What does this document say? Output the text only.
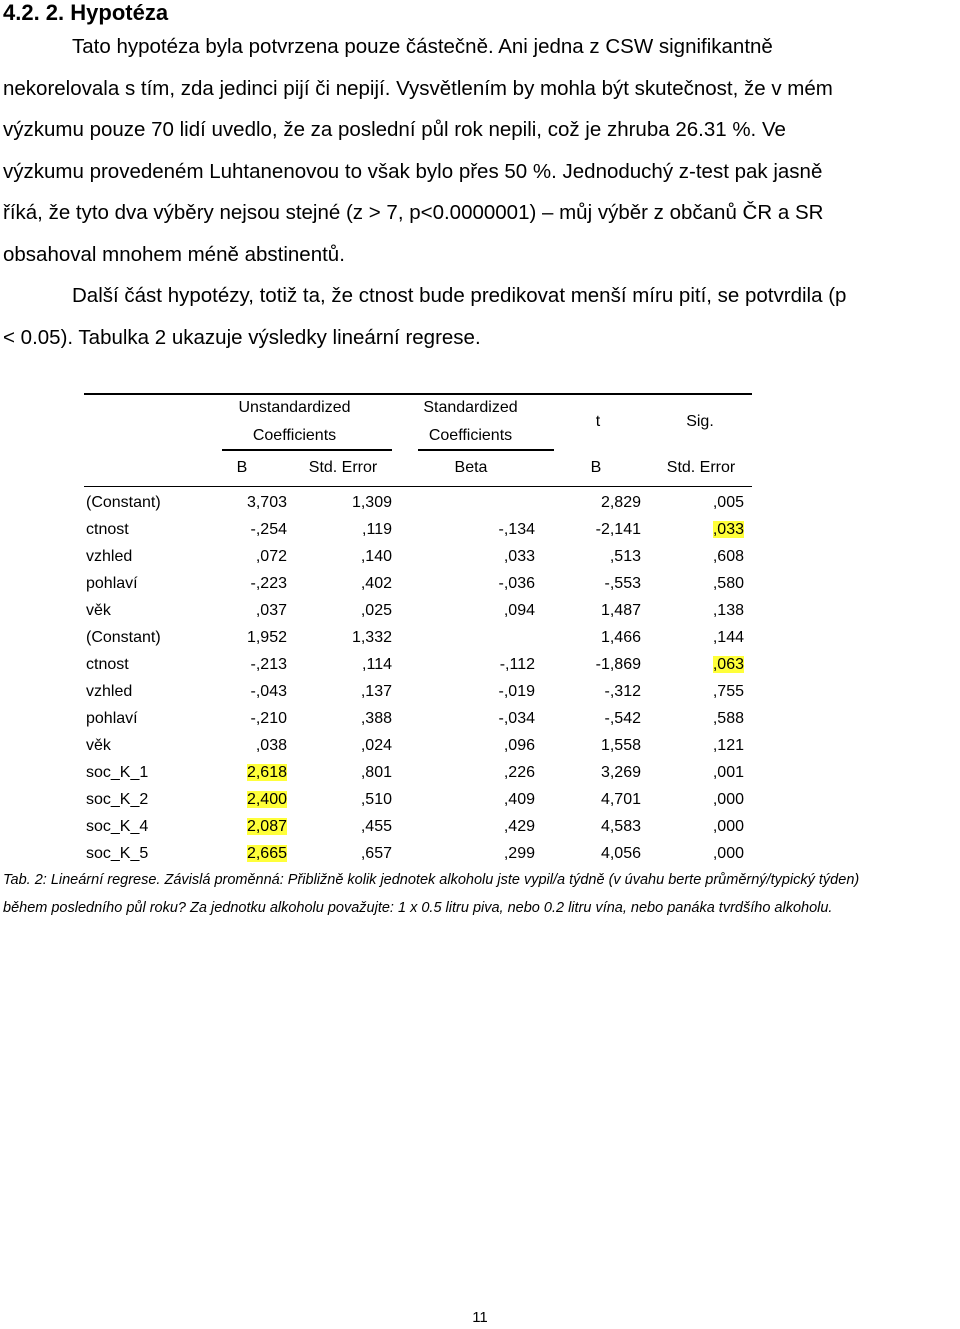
4.2. 2. Hypotéza
Tato hypotéza byla potvrzena pouze částečně. Ani jedna z CSW signifikantně
nekorelovala s tím, zda jedinci pijí či nepijí. Vysvětlením by mohla být skutečnost, že v mém
výzkumu pouze 70 lidí uvedlo, že za poslední půl rok nepili, což je zhruba 26.31 %. Ve
výzkumu provedeném Luhtanenovou to však bylo přes 50 %. Jednoduchý z-test pak jasně
říká, že tyto dva výběry nejsou stejné (z > 7, p<0.0000001) – můj výběr z občanů ČR a SR
obsahoval mnohem méně abstinentů.
Další část hypotézy, totiž ta, že ctnost bude predikovat menší míru pití, se potvrdila (p
< 0.05). Tabulka 2 ukazuje výsledky lineární regrese.
Unstandardized
Coefficients
Standardized
Coefficients
t	Sig.
B	Std. Error	Beta	B	Std. Error
(Constant)	3,703	1,309		2,829	,005
ctnost	-,254	,119	-,134	-2,141	,033
vzhled	,072	,140	,033	,513	,608
pohlaví	-,223	,402	-,036	-,553	,580
věk	,037	,025	,094	1,487	,138
(Constant)	1,952	1,332		1,466	,144
ctnost	-,213	,114	-,112	-1,869	,063
vzhled	-,043	,137	-,019	-,312	,755
pohlaví	-,210	,388	-,034	-,542	,588
věk	,038	,024	,096	1,558	,121
soc_K_1	2,618	,801	,226	3,269	,001
soc_K_2	2,400	,510	,409	4,701	,000
soc_K_4	2,087	,455	,429	4,583	,000
soc_K_5	2,665	,657	,299	4,056	,000
Tab. 2: Lineární regrese. Závislá proměnná: Přibližně kolik jednotek alkoholu jste vypil/a týdně (v úvahu berte průměrný/typický týden)
během posledního půl roku? Za jednotku alkoholu považujte: 1 x 0.5 litru piva, nebo 0.2 litru vína, nebo panáka tvrdšího alkoholu.
11
